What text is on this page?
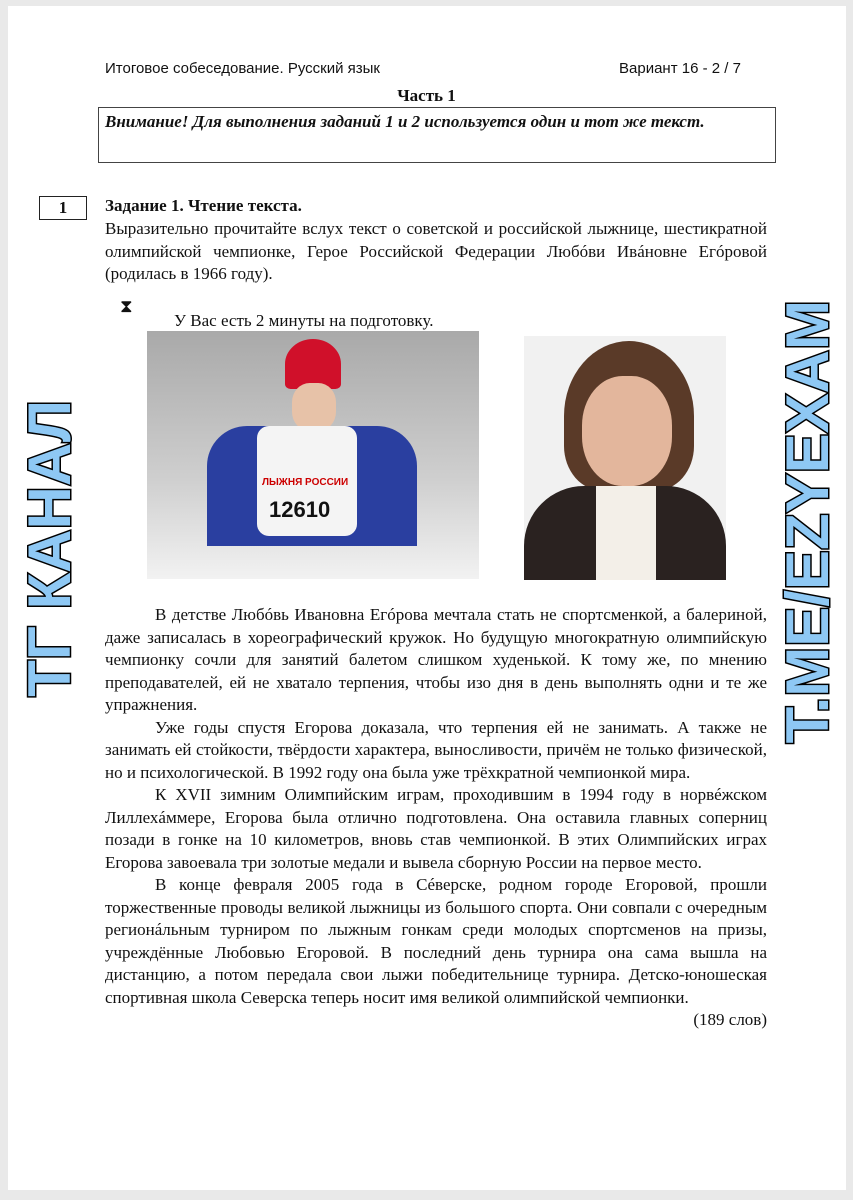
Итоговое собеседование. Русский язык	Вариант 16 - 2 / 7
Часть 1
Внимание! Для выполнения заданий 1 и 2 используется один и тот же текст.
1	Задание 1. Чтение текста.
Выразительно прочитайте вслух текст о советской и российской лыжнице, шестикратной олимпийской чемпионке, Герое Российской Федерации Любóви Ивáновне Егóровой (родилась в 1966 году).
⧗
У Вас есть 2 минуты на подготовку.
ЛЫЖНЯ РОССИИ
12610

В детстве Любóвь Ивановна Егóрова мечтала стать не спортсменкой, а балериной, даже записалась в хореографический кружок. Но будущую многократную олимпийскую чемпионку сочли для занятий балетом слишком худенькой. К тому же, по мнению преподавателей, ей не хватало терпения, чтобы изо дня в день выполнять одни и те же упражнения.

Уже годы спустя Егорова доказала, что терпения ей не занимать. А также не занимать ей стойкости, твёрдости характера, выносливости, причём не только физической, но и психологической. В 1992 году она была уже трёхкратной чемпионкой мира.

К XVII зимним Олимпийским играм, проходившим в 1994 году в норвéжском Лиллехáммере, Егорова была отлично подготовлена. Она оставила главных соперниц позади в гонке на 10 километров, вновь став чемпионкой. В этих Олимпийских играх Егорова завоевала три золотые медали и вывела сборную России на первое место.

В конце февраля 2005 года в Сéверске, родном городе Егоровой, прошли торжественные проводы великой лыжницы из большого спорта. Они совпали с очередным регионáльным турниром по лыжным гонкам среди молодых спортсменов на призы, учреждённые Любовью Егоровой. В последний день турнира она сама вышла на дистанцию, а потом передала свои лыжи победительнице турнира. Детско-юношеская спортивная школа Северска теперь носит имя великой олимпийской чемпионки.

(189 слов)
ТГ КАНАЛ	T.ME/EZYEXAM
